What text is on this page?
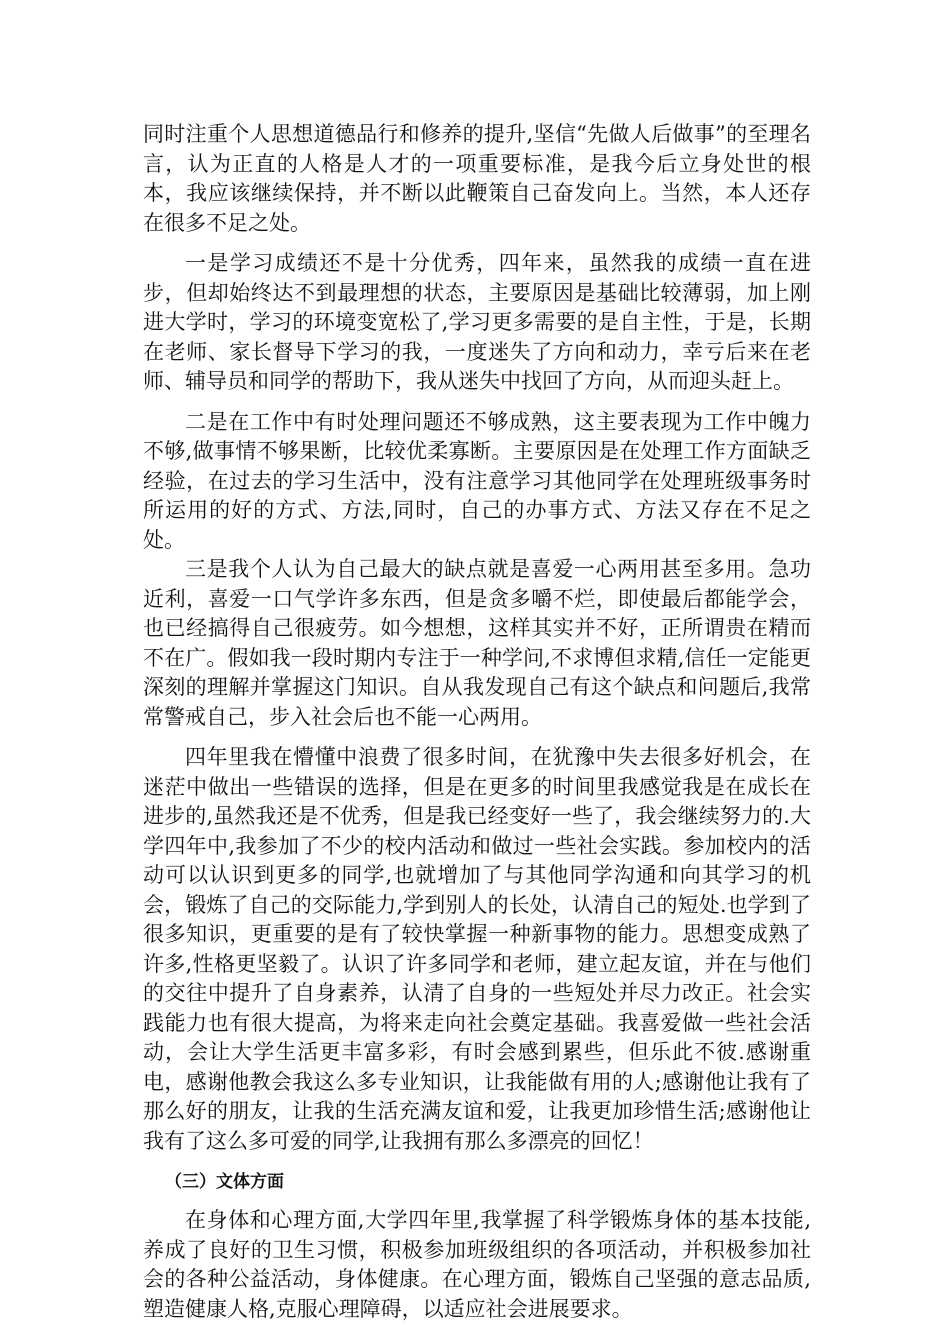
同时注重个人思想道德品行和修养的提升,坚信“先做人后做事”的至理名言，认为正直的人格是人才的一项重要标准，是我今后立身处世的根本，我应该继续保持，并不断以此鞭策自己奋发向上。当然，本人还存在很多不足之处。

一是学习成绩还不是十分优秀，四年来，虽然我的成绩一直在进步，但却始终达不到最理想的状态，主要原因是基础比较薄弱，加上刚进大学时，学习的环境变宽松了,学习更多需要的是自主性，于是，长期在老师、家长督导下学习的我，一度迷失了方向和动力，幸亏后来在老师、辅导员和同学的帮助下，我从迷失中找回了方向，从而迎头赶上。

二是在工作中有时处理问题还不够成熟，这主要表现为工作中魄力不够,做事情不够果断，比较优柔寡断。主要原因是在处理工作方面缺乏经验，在过去的学习生活中，没有注意学习其他同学在处理班级事务时所运用的好的方式、方法,同时，自己的办事方式、方法又存在不足之处。

三是我个人认为自己最大的缺点就是喜爱一心两用甚至多用。急功近利，喜爱一口气学许多东西，但是贪多嚼不烂，即使最后都能学会，也已经搞得自己很疲劳。如今想想，这样其实并不好，正所谓贵在精而不在广。假如我一段时期内专注于一种学问,不求博但求精,信任一定能更深刻的理解并掌握这门知识。自从我发现自己有这个缺点和问题后,我常常警戒自己，步入社会后也不能一心两用。

四年里我在懵懂中浪费了很多时间，在犹豫中失去很多好机会，在迷茫中做出一些错误的选择，但是在更多的时间里我感觉我是在成长在进步的,虽然我还是不优秀，但是我已经变好一些了，我会继续努力的.大学四年中,我参加了不少的校内活动和做过一些社会实践。参加校内的活动可以认识到更多的同学,也就增加了与其他同学沟通和向其学习的机会，锻炼了自己的交际能力,学到别人的长处，认清自己的短处.也学到了很多知识，更重要的是有了较快掌握一种新事物的能力。思想变成熟了许多,性格更坚毅了。认识了许多同学和老师，建立起友谊，并在与他们的交往中提升了自身素养，认清了自身的一些短处并尽力改正。社会实践能力也有很大提高，为将来走向社会奠定基础。我喜爱做一些社会活动，会让大学生活更丰富多彩，有时会感到累些，但乐此不彼.感谢重电，感谢他教会我这么多专业知识，让我能做有用的人;感谢他让我有了那么好的朋友，让我的生活充满友谊和爱，让我更加珍惜生活;感谢他让我有了这么多可爱的同学,让我拥有那么多漂亮的回忆！

（三）文体方面

在身体和心理方面,大学四年里,我掌握了科学锻炼身体的基本技能,养成了良好的卫生习惯，积极参加班级组织的各项活动，并积极参加社会的各种公益活动，身体健康。在心理方面，锻炼自己坚强的意志品质,塑造健康人格,克服心理障碍，以适应社会进展要求。
